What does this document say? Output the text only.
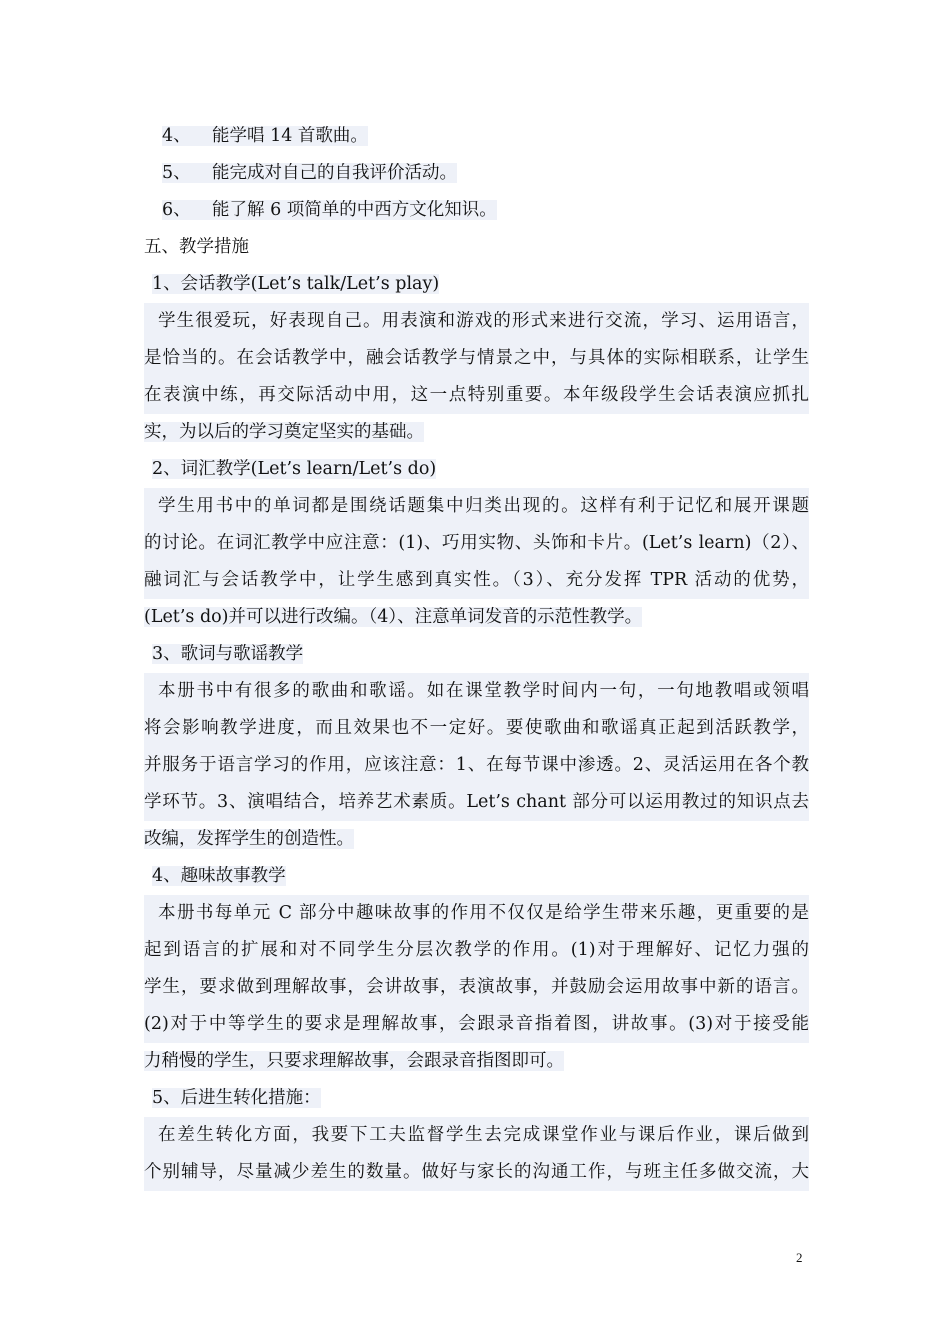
4、 能学唱 14 首歌曲。
5、 能完成对自己的自我评价活动。
6、 能了解 6 项简单的中西方文化知识。
五、教学措施
1、会话教学(Let’s talk/Let’s play)
学生很爱玩，好表现自己。用表演和游戏的形式来进行交流，学习、运用语言，
是恰当的。在会话教学中，融会话教学与情景之中，与具体的实际相联系，让学生
在表演中练，再交际活动中用，这一点特别重要。本年级段学生会话表演应抓扎
实，为以后的学习奠定坚实的基础。
2、词汇教学(Let’s learn/Let’s do)
学生用书中的单词都是围绕话题集中归类出现的。这样有利于记忆和展开课题
的讨论。在词汇教学中应注意：(1)、巧用实物、头饰和卡片。(Let’s learn)（2）、
融词汇与会话教学中，让学生感到真实性。（3）、充分发挥 TPR 活动的优势，
(Let’s do)并可以进行改编。（4）、注意单词发音的示范性教学。
3、歌词与歌谣教学
本册书中有很多的歌曲和歌谣。如在课堂教学时间内一句，一句地教唱或领唱
将会影响教学进度，而且效果也不一定好。要使歌曲和歌谣真正起到活跃教学，
并服务于语言学习的作用，应该注意：1、在每节课中渗透。2、灵活运用在各个教
学环节。3、演唱结合，培养艺术素质。Let’s chant 部分可以运用教过的知识点去
改编，发挥学生的创造性。
4、趣味故事教学
本册书每单元 C 部分中趣味故事的作用不仅仅是给学生带来乐趣，更重要的是
起到语言的扩展和对不同学生分层次教学的作用。(1)对于理解好、记忆力强的
学生，要求做到理解故事，会讲故事，表演故事，并鼓励会运用故事中新的语言。
(2)对于中等学生的要求是理解故事，会跟录音指着图，讲故事。(3)对于接受能
力稍慢的学生，只要求理解故事，会跟录音指图即可。
5、后进生转化措施：
在差生转化方面，我要下工夫监督学生去完成课堂作业与课后作业，课后做到
个别辅导，尽量减少差生的数量。做好与家长的沟通工作，与班主任多做交流，大
2
